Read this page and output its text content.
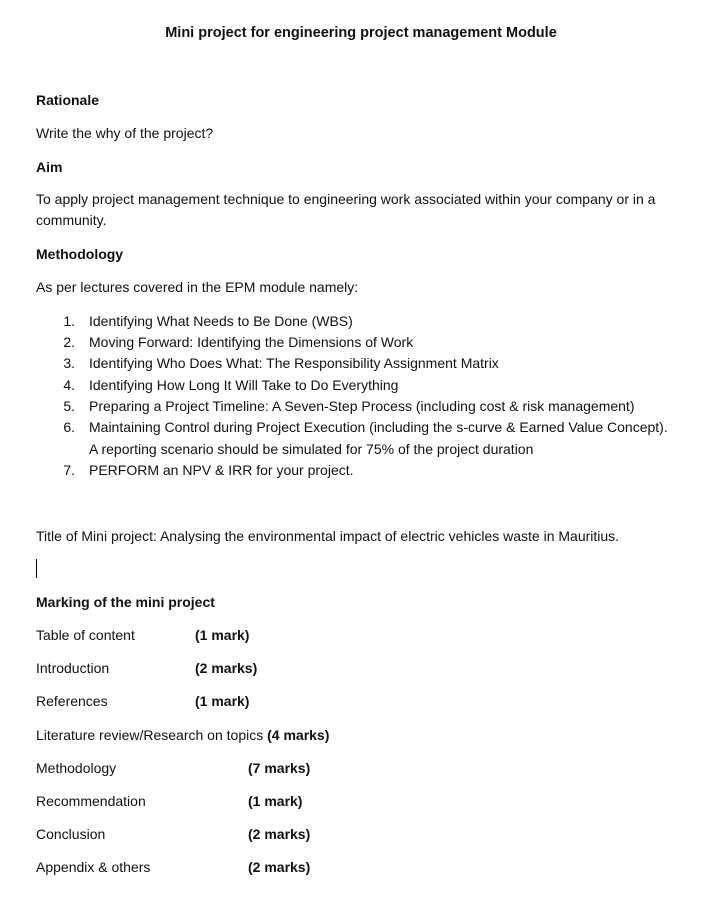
Mini project for engineering project management Module
Rationale
Write the why of the project?
Aim
To apply project management technique to engineering work associated within your company or in a community.
Methodology
As per lectures covered in the EPM module namely:
1. Identifying What Needs to Be Done (WBS)
2. Moving Forward: Identifying the Dimensions of Work
3. Identifying Who Does What: The Responsibility Assignment Matrix
4. Identifying How Long It Will Take to Do Everything
5. Preparing a Project Timeline: A Seven-Step Process (including cost & risk management)
6. Maintaining Control during Project Execution (including the s-curve & Earned Value Concept).
A reporting scenario should be simulated for 75% of the project duration
7. PERFORM an NPV & IRR for your project.
Title of Mini project: Analysing the environmental impact of electric vehicles waste in Mauritius.
Marking of the mini project
Table of content	(1 mark)
Introduction	(2 marks)
References	(1 mark)
Literature review/Research on topics (4 marks)
Methodology	(7 marks)
Recommendation	(1 mark)
Conclusion	(2 marks)
Appendix & others	(2 marks)
